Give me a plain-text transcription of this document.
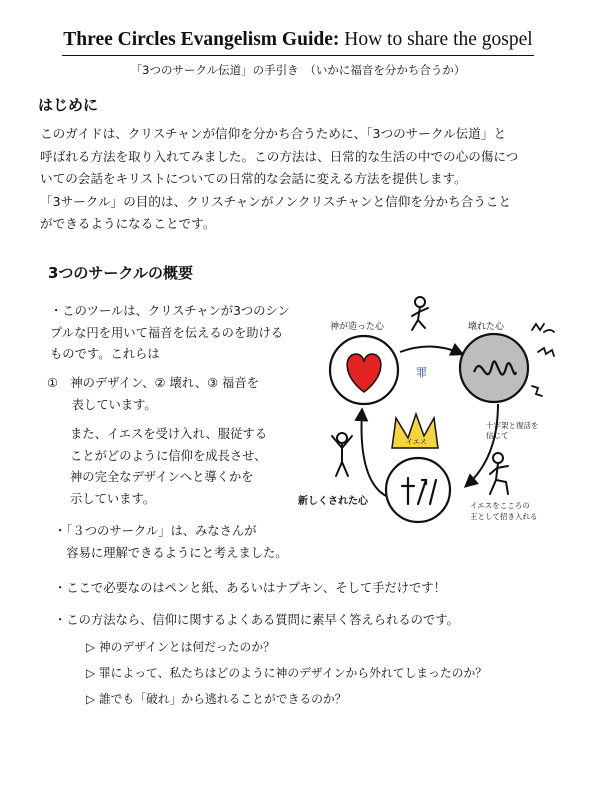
Three Circles Evangelism Guide: How to share the gospel
「3つのサークル伝道」の手引き　（いかに福音を分かち合うか）
はじめに

このガイドは、クリスチャンが信仰を分かち合うために、「3つのサークル伝道」と

呼ばれる方法を取り入れてみました。この方法は、日常的な生活の中での心の傷につ

いての会話をキリストについての日常的な会話に変える方法を提供します。

「3サークル」の目的は、クリスチャンがノンクリスチャンと信仰を分かち合うこと

ができるようになることです。

3つのサークルの概要
・このツールは、クリスチャンが3つのシン
プルな円を用いて福音を伝えるのを助ける
ものです。これらは
①　神のデザイン、② 壊れ、③ 福音を
　　表しています。
また、イエスを受け入れ、服従する
ことがどのように信仰を成長させ、
神の完全なデザインへと導くかを
示しています。
・「３つのサークル」は、みなさんが
　容易に理解できるようにと考えました。
・ここで必要なのはペンと紙、あるいはナプキン、そして手だけです！
・この方法なら、信仰に関するよくある質問に素早く答えられるのです。
▷ 神のデザインとは何だったのか？
▷ 罪によって、私たちはどのように神のデザインから外れてしまったのか？
▷ 誰でも「破れ」から逃れることができるのか？
神が造った心	壊れた心
罪
十字架と復活を
信じて
イエスをこころの
王として招き入れる
イエス
新しくされた心
